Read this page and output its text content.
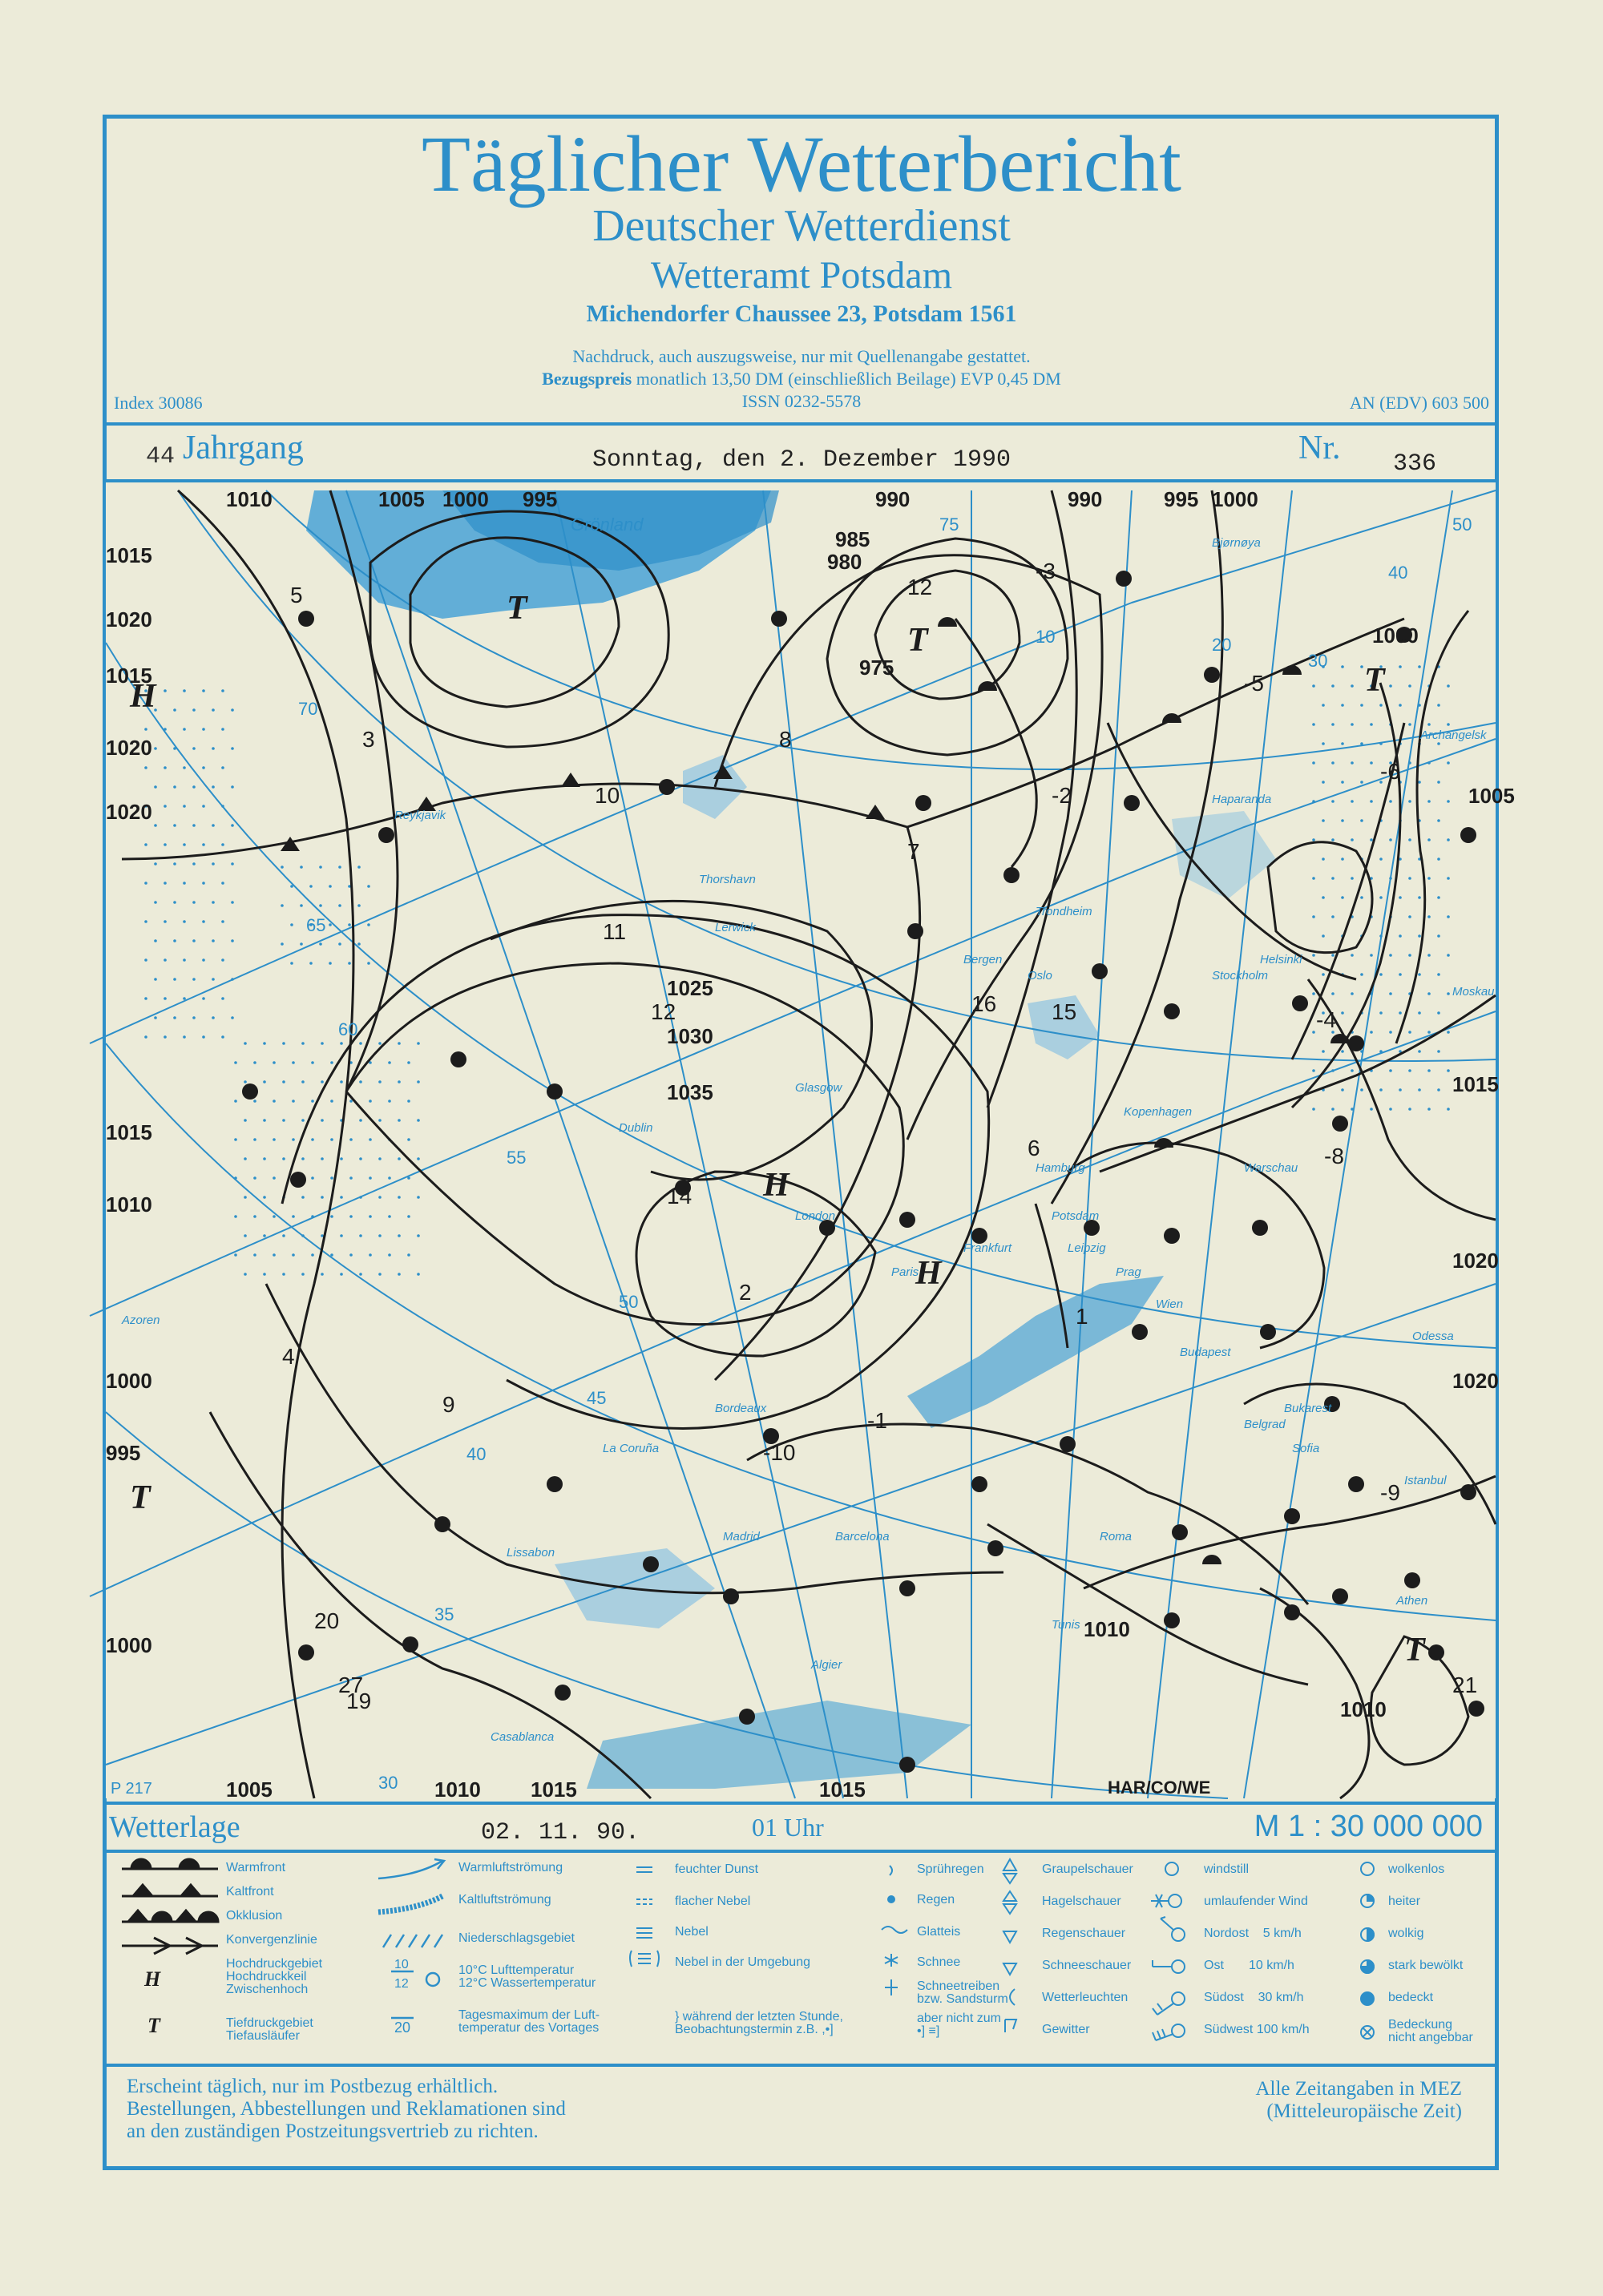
Täglicher Wetterbericht
Deutscher Wetterdienst
Wetteramt Potsdam
Michendorfer Chaussee 23, Potsdam 1561
Nachdruck, auch auszugsweise, nur mit Quellenangabe gestattet.
Bezugspreis monatlich 13,50 DM (einschließlich Beilage) EVP 0,45 DM
ISSN 0232-5578
Index 30086	AN (EDV) 603 500
44 Jahrgang	Sonntag, den 2. Dezember 1990	Nr. 336
1010	1005 1000 995	990
985
980
975
1015
1020
1025
1030
1035
990	995 1000
1000
1005
1015
1020
1020
1015
1010
1000
995
1000
1015
1020
1005	1010 1015	1015
1010
1010
1020	Reykjavik
Thorshavn
Lerwick
Bergen
Trondheim
Oslo
Haparanda
Helsinki
Stockholm
Kopenhagen
Hamburg
Potsdam
Warschau
Moskau
Archangelsk
Dublin
London
Glasgow
Paris
Frankfurt	Leipzig
Prag
Wien
Budapest
Odessa
Belgrad
Bukarest
Sofia
Istanbul
Bordeaux
La Coruña
Lissabon
Madrid	Barcelona	Roma
Tunis
Algier
Casablanca
Azoren
Bjørnøya
Athen
75
70
65
60
55
50
45
40
35
30
10	20
30
40
50
H
H
H
T
T
T
T
T
5
3	8
12
-3
7
-2
-5
11
10
12	15
16
4
2
20
9
14
6
-1
-10
27
19
1
-4
-8
-6
-9
21
Grönland
P 217	HAR/CO/WE
Wetterlage	02. 11. 90.	01 Uhr	M 1 : 30 000 000
H
T
10
12
20
Warmfront
Kaltfront
Okklusion
Konvergenzlinie
Hochdruckgebiet
Hochdruckkeil
Zwischenhoch
Tiefdruckgebiet
Tiefausläufer
Warmluftströmung
Kaltluftströmung
Niederschlagsgebiet
10°C Lufttemperatur
12°C Wassertemperatur
Tagesmaximum der Luft-
temperatur des Vortages
feuchter Dunst
flacher Nebel
Nebel
Nebel in der Umgebung
} während der letzten Stunde,
Beobachtungstermin z.B. ,•]
Sprühregen
Regen
Glatteis
Schnee
Schneetreiben
bzw. Sandsturm
aber nicht zum
•] ≡]
Graupelschauer
Hagelschauer
Regenschauer
Schneeschauer
Wetterleuchten
Gewitter
windstill
umlaufender Wind
Nordost    5 km/h
Ost       10 km/h
Südost    30 km/h
Südwest 100 km/h
wolkenlos
heiter
wolkig
stark bewölkt
bedeckt
Bedeckung
nicht angebbar
Erscheint täglich, nur im Postbezug erhältlich.
Bestellungen, Abbestellungen und Reklamationen sind
an den zuständigen Postzeitungsvertrieb zu richten.
Alle Zeitangaben in MEZ
(Mitteleuropäische Zeit)
